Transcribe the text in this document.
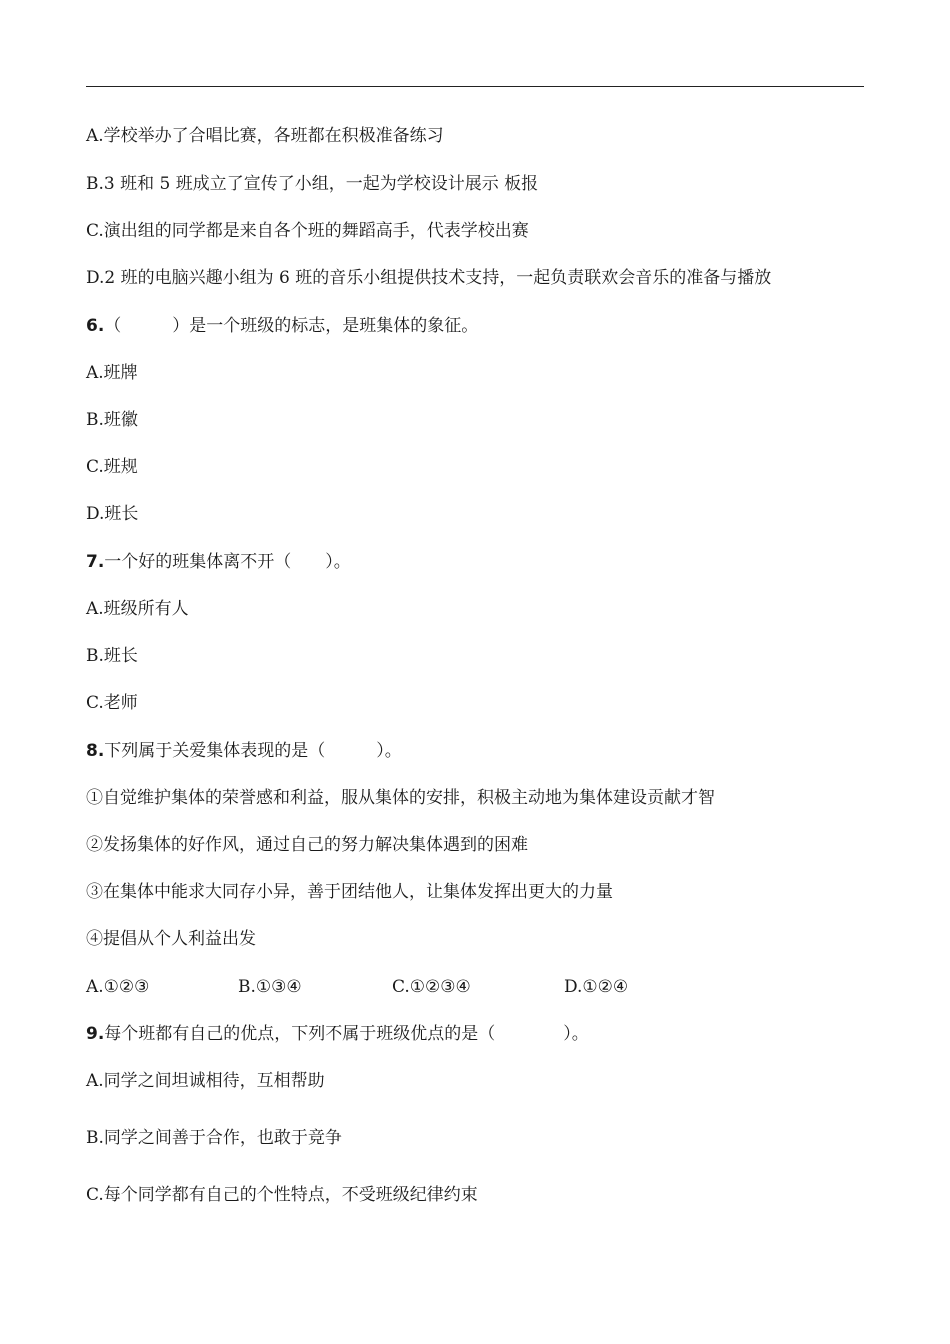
A.学校举办了合唱比赛，各班都在积极准备练习
B.3 班和 5 班成立了宣传了小组，一起为学校设计展示 板报
C.演出组的同学都是来自各个班的舞蹈高手，代表学校出赛
D.2 班的电脑兴趣小组为 6 班的音乐小组提供技术支持，一起负责联欢会音乐的准备与播放
6.（　　　）是一个班级的标志，是班集体的象征。
A.班牌
B.班徽
C.班规
D.班长
7.一个好的班集体离不开（　　）。
A.班级所有人
B.班长
C.老师
8.下列属于关爱集体表现的是（　　　）。
①自觉维护集体的荣誉感和利益，服从集体的安排，积极主动地为集体建设贡献才智
②发扬集体的好作风，通过自己的努力解决集体遇到的困难
③在集体中能求大同存小异，善于团结他人，让集体发挥出更大的力量
④提倡从个人利益出发
A.①②③	B.①③④	C.①②③④	D.①②④
9.每个班都有自己的优点，下列不属于班级优点的是（　　　　）。
A.同学之间坦诚相待，互相帮助
B.同学之间善于合作，也敢于竞争
C.每个同学都有自己的个性特点，不受班级纪律约束
